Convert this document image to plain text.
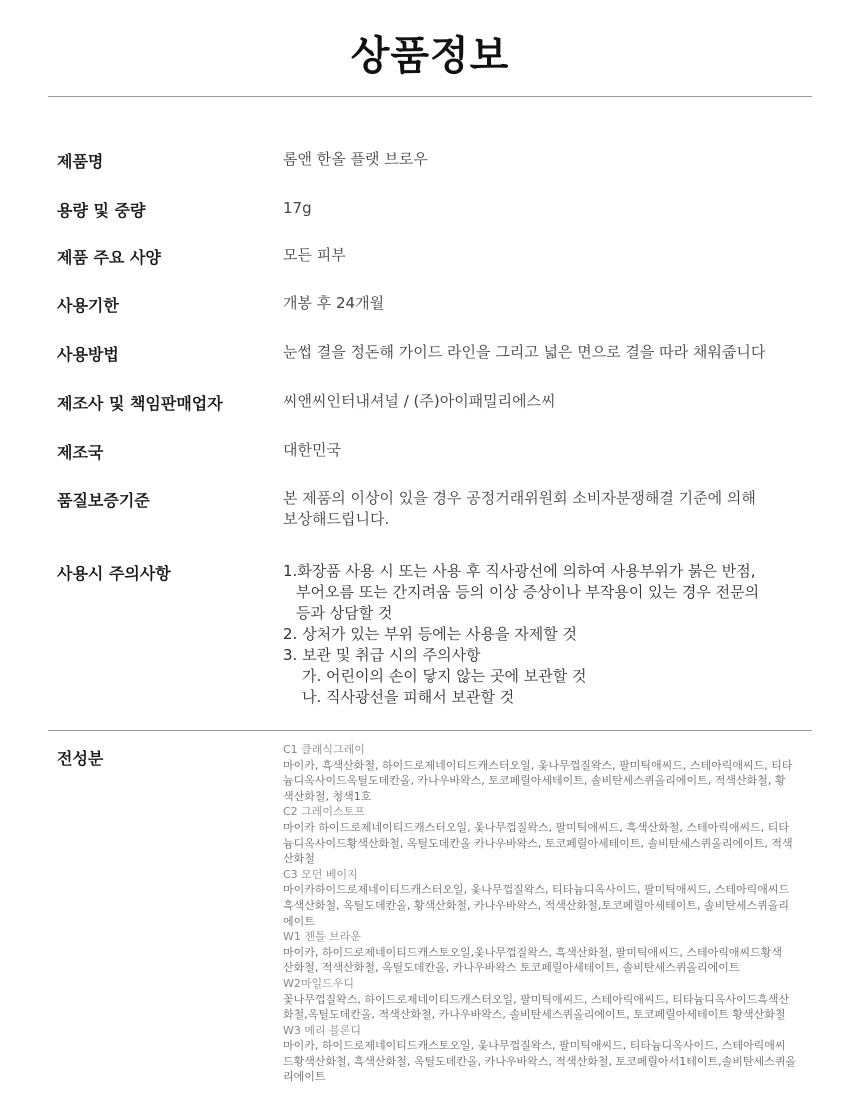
상품정보
제품명	롬앤 한올 플랫 브로우
용량 및 중량	17g
제품 주요 사양	모든 피부
사용기한	개봉 후 24개월
사용방법	눈썹 결을 정돈해 가이드 라인을 그리고 넓은 면으로 결을 따라 채워줍니다
제조사 및 책임판매업자	씨앤씨인터내셔널 / (주)아이패밀리에스씨
제조국	대한민국
품질보증기준	본 제품의 이상이 있을 경우 공정거래위원회 소비자분쟁해결 기준에 의해
보상해드립니다.
사용시 주의사항	1.화장품 사용 시 또는 사용 후 직사광선에 의하여 사용부위가 붉은 반점,
부어오름 또는 간지려움 등의 이상 증상이나 부작용이 있는 경우 전문의
등과 상담할 것
2. 상처가 있는 부위 등에는 사용을 자제할 것
3. 보관 및 취급 시의 주의사항
가. 어린이의 손이 닿지 않는 곳에 보관할 것
나. 직사광선을 피해서 보관할 것
전성분	C1 클래식그레이
마이카, 흑색산화철, 하이드로제네이티드캐스터오일, 옻나무껍질왁스, 팔미틱애씨드, 스테아릭애씨드, 티타
늄디옥사이드옥틸도데칸올, 카나우바왁스, 토코페릴아세테이트, 솔비탄세스퀴올리에이트, 적색산화철, 황
색산화철, 청색1호
C2 그레이스토프
마이카 하이드로제네이티드캐스터오일, 옻나무껍질왁스, 팔미틱애씨드, 흑색산화철, 스테아릭애씨드, 티타
늄디옥사이드황색산화철, 옥틸도데칸올 카나우바왁스, 토코페릴아세테이트, 솔비탄세스퀴올리에이트, 적색
산화철
C3 모던 베이지
마이카하이드로제네이티드캐스터오일, 옻나무껍질왁스, 티타늄디옥사이드, 팔미틱애씨드, 스테아릭애씨드
흑색산화철, 옥틸도데칸올, 황색산화철, 카나우바왁스, 적색산화철,토코페릴아세테이트, 솔비탄세스퀴올리
에이트
W1 젠틀 브라운
마이카, 하이드로제네이티드캐스토오일,옻나무껍질왁스, 흑색산화철, 팔미틱애씨드, 스테아릭애씨드황색
산화철, 적색산화철, 옥틸도데칸올, 카나우바왁스 토코페릴아세테이트, 솔비탄세스퀴올리에이트
W2마일드우디
꽃나무껍질왁스, 하이드로제네이티드캐스터오일, 팔미틱애씨드, 스테아릭애씨드, 티타늄디옥사이드흑색산
화철,옥틸도데칸올, 적색산화철, 카나우바왁스, 솔비탄세스퀴올리에이트, 토코페릴아세테이트 황색산화철
W3 메리 블론디
마이카, 하이드로제네이티드캐스토오일, 옻나무껍질왁스, 팔미틱애씨드, 티타늄디옥사이드, 스테아릭애씨
드황색산화철, 흑색산화철, 옥틸도데칸올, 카나우바왁스, 적색산화철, 토코페릴아서1테이트,솔비탄세스퀴올
리에이트
